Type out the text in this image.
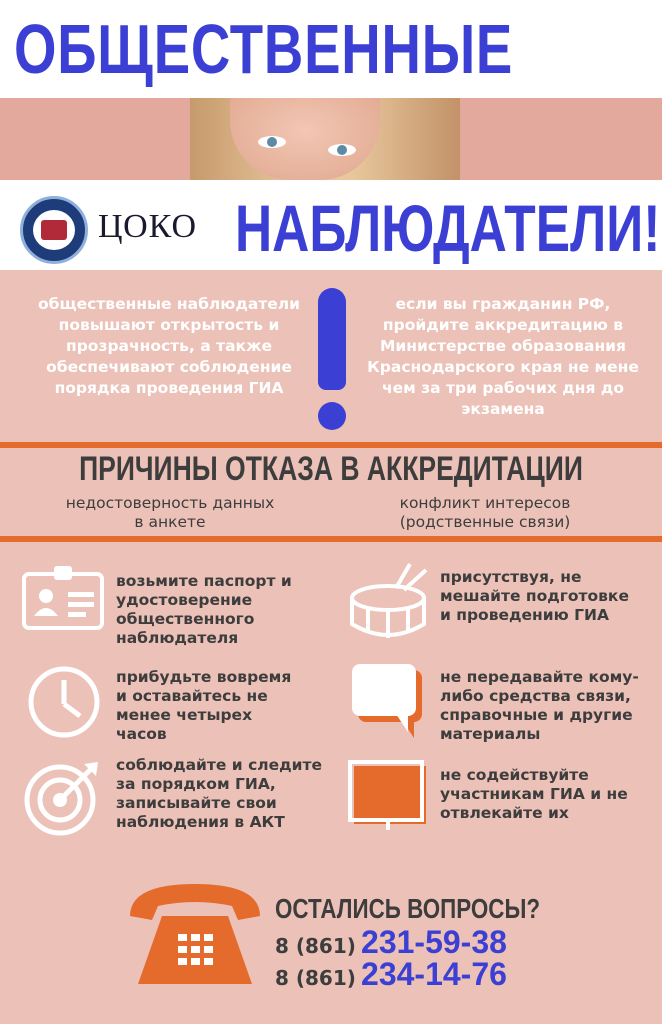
ОБЩЕСТВЕННЫЕ
ЦОКО НАБЛЮДАТЕЛИ!
общественные наблюдатели повышают открытость и прозрачность, а также обеспечивают соблюдение порядка проведения ГИА
если вы гражданин РФ, пройдите аккредитацию в Министерстве образования Краснодарского края не мене чем за три рабочих дня до экзамена
ПРИЧИНЫ ОТКАЗА В АККРЕДИТАЦИИ
недостоверность данных в анкете
конфликт интересов (родственные связи)
возьмите паспорт и удостоверение общественного наблюдателя
присутствуя, не мешайте подготовке и проведению ГИА
прибудьте вовремя и оставайтесь не менее четырех часов
не передавайте кому-либо средства связи, справочные и другие материалы
соблюдайте и следите за порядком ГИА, записывайте свои наблюдения в АКТ
не содействуйте участникам ГИА и не отвлекайте их
ОСТАЛИСЬ ВОПРОСЫ?
8 (861) 231-59-38
8 (861) 234-14-76
